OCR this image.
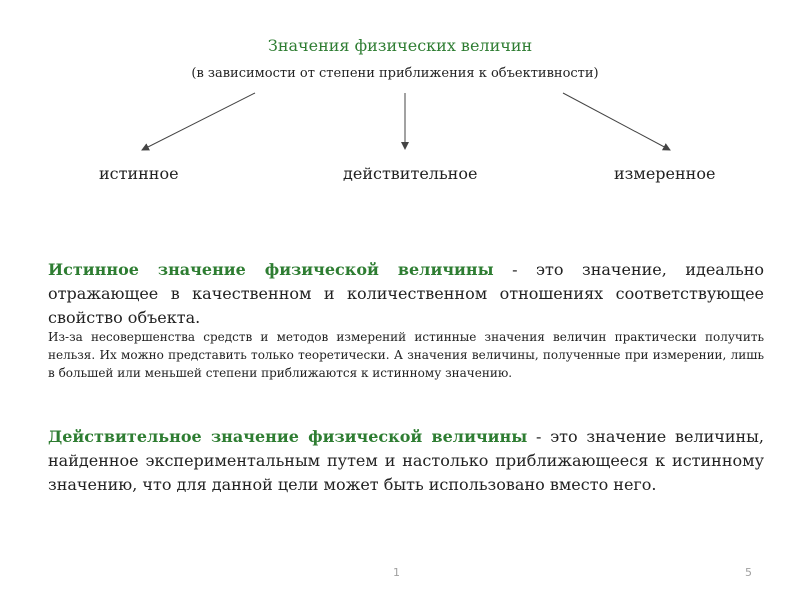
Значения физических величин
(в зависимости от степени приближения к объективности)
истинное	действительное	измеренное
Истинное значение физической величины - это значение, идеально отражающее в качественном и количественном отношениях соответствующее свойство объекта.
Из-за несовершенства средств и методов измерений истинные значения величин практически получить нельзя. Их можно представить только теоретически. А значения величины, полученные при измерении, лишь в большей или меньшей степени приближаются к истинному значению.
Действительное значение физической величины - это значение величины, найденное экспериментальным путем и настолько приближающееся к истинному значению, что для данной цели может быть использовано вместо него.
1	5
